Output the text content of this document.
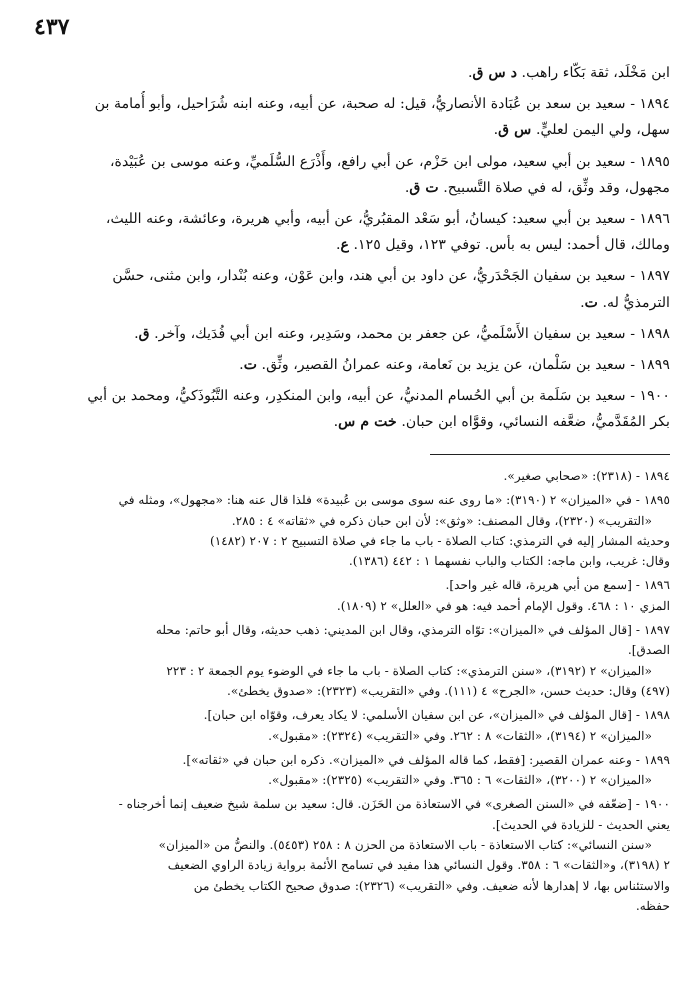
٤٣٧
ابن مَخْلَد، ثقة بَكّاء راهب. د س ق.
١٨٩٤ - سعيد بن سعد بن عُبَادة الأنصاريُّ، قيل: له صحبة، عن أبيه، وعنه ابنه شُرَاحيل، وأبو أُمامة بن
سهل، ولي اليمن لعليٍّ. س ق.
١٨٩٥ - سعيد بن أبي سعيد، مولى ابن حَزْم، عن أبي رافع، وأَذْرَع السُّلَميِّ، وعنه موسى بن عُبَيْدة،
مجهول، وقد وثِّق، له في صلاة التَّسبيح. ت ق.
١٨٩٦ - سعيد بن أبي سعيد: كيسانُ، أبو سَعْد المقبُريُّ، عن أبيه، وأبي هريرة، وعائشة، وعنه الليث،
ومالك، قال أحمد: ليس به بأس. توفي ١٢٣، وقيل ١٢٥. ع.
١٨٩٧ - سعيد بن سفيان الجَحْدَريُّ، عن داود بن أبي هند، وابن عَوْن، وعنه بُنْدار، وابن مثنى، حسَّن
الترمذيُّ له. ت.
١٨٩٨ - سعيد بن سفيان الأَسْلَميُّ، عن جعفر بن محمد، وسَدِير، وعنه ابن أبي فُدَيك، وآخر. ق.
١٨٩٩ - سعيد بن سَلْمان، عن يزيد بن نَعامة، وعنه عمرانُ القصير، وثِّق. ت.
١٩٠٠ - سعيد بن سَلَمة بن أبي الحُسام المدنيُّ، عن أبيه، وابن المنكدِر، وعنه التَّبُوذَكيُّ، ومحمد بن أبي
بكر المُقَدَّميُّ، ضعَّفه النسائي، وقوَّاه ابن حبان. خت م س.
١٨٩٤ - (٢٣١٨): «صحابي صغير».
١٨٩٥ - في «الميزان» ٢ (٣١٩٠): «ما روى عنه سوى موسى بن عُبيدة» فلذا قال عنه هنا: «مجهول»، ومثله في
«التقريب» (٢٣٢٠)، وقال المصنف: «وثق»: لأن ابن حبان ذكره في «ثقاته» ٤ : ٢٨٥.
وحديثه المشار إليه في الترمذي: كتاب الصلاة - باب ما جاء في صلاة التسبيح ٢ : ٢٠٧ (١٤٨٢)
وقال: غريب، وابن ماجه: الكتاب والباب نفسهما ١ : ٤٤٢ (١٣٨٦).
١٨٩٦ - [سمع من أبي هريرة، قاله غير واحد].
المزي ١٠ : ٤٦٨. وقول الإمام أحمد فيه: هو في «العلل» ٢ (١٨٠٩).
١٨٩٧ - [قال المؤلف في «الميزان»: توّاه الترمذي، وقال ابن المديني: ذهب حديثه، وقال أبو حاتم: محله
الصدق].
«الميزان» ٢ (٣١٩٢)، «سنن الترمذي»: كتاب الصلاة - باب ما جاء في الوضوء يوم الجمعة ٢ : ٢٢٣
(٤٩٧) وقال: حديث حسن، «الجرح» ٤ (١١١). وفي «التقريب» (٢٣٢٣): «صدوق يخطئ».
١٨٩٨ - [قال المؤلف في «الميزان»، عن ابن سفيان الأسلمي: لا يكاد يعرف، وقوّاه ابن حبان].
«الميزان» ٢ (٣١٩٤)، «الثقات» ٨ : ٢٦٢. وفي «التقريب» (٢٣٢٤): «مقبول».
١٨٩٩ - وعنه عمران القصير: [فقط، كما قاله المؤلف في «الميزان». ذكره ابن حبان في «ثقاته»].
«الميزان» ٢ (٣٢٠٠)، «الثقات» ٦ : ٣٦٥. وفي «التقريب» (٢٣٢٥): «مقبول».
١٩٠٠ - [ضعّفه في «السنن الصغرى» في الاستعاذة من الحَزَن. قال: سعيد بن سلمة شيخ ضعيف إنما أخرجناه -
يعني الحديث - للزيادة في الحديث].
«سنن النسائي»: كتاب الاستعاذة - باب الاستعاذة من الحزن ٨ : ٢٥٨ (٥٤٥٣). والنصُّ من «الميزان»
٢ (٣١٩٨)، و«الثقات» ٦ : ٣٥٨. وقول النسائي هذا مفيد في تسامح الأئمة برواية زيادة الراوي الضعيف
والاستئناس بها، لا إهدارها لأنه ضعيف. وفي «التقريب» (٢٣٢٦): صدوق صحيح الكتاب يخطئ من
حفظه.
